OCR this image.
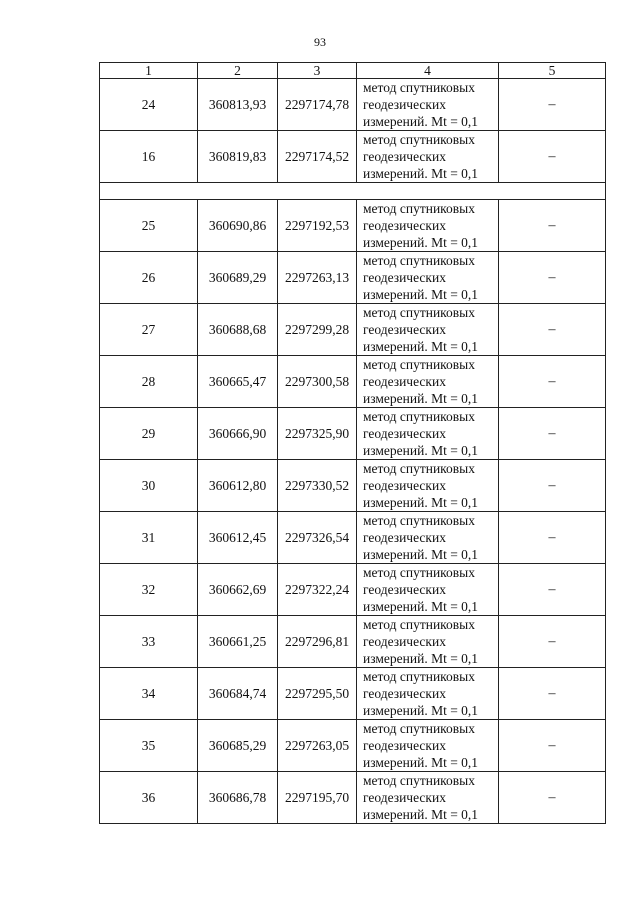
93
1	2	3	4	5
24	360813,93	2297174,78	метод спутниковых
геодезических
измерений. Mt = 0,1	–
16	360819,83	2297174,52	метод спутниковых
геодезических
измерений. Mt = 0,1	–

25	360690,86	2297192,53	метод спутниковых
геодезических
измерений. Mt = 0,1	–
26	360689,29	2297263,13	метод спутниковых
геодезических
измерений. Mt = 0,1	–
27	360688,68	2297299,28	метод спутниковых
геодезических
измерений. Mt = 0,1	–
28	360665,47	2297300,58	метод спутниковых
геодезических
измерений. Mt = 0,1	–
29	360666,90	2297325,90	метод спутниковых
геодезических
измерений. Mt = 0,1	–
30	360612,80	2297330,52	метод спутниковых
геодезических
измерений. Mt = 0,1	–
31	360612,45	2297326,54	метод спутниковых
геодезических
измерений. Mt = 0,1	–
32	360662,69	2297322,24	метод спутниковых
геодезических
измерений. Mt = 0,1	–
33	360661,25	2297296,81	метод спутниковых
геодезических
измерений. Mt = 0,1	–
34	360684,74	2297295,50	метод спутниковых
геодезических
измерений. Mt = 0,1	–
35	360685,29	2297263,05	метод спутниковых
геодезических
измерений. Mt = 0,1	–
36	360686,78	2297195,70	метод спутниковых
геодезических
измерений. Mt = 0,1	–
